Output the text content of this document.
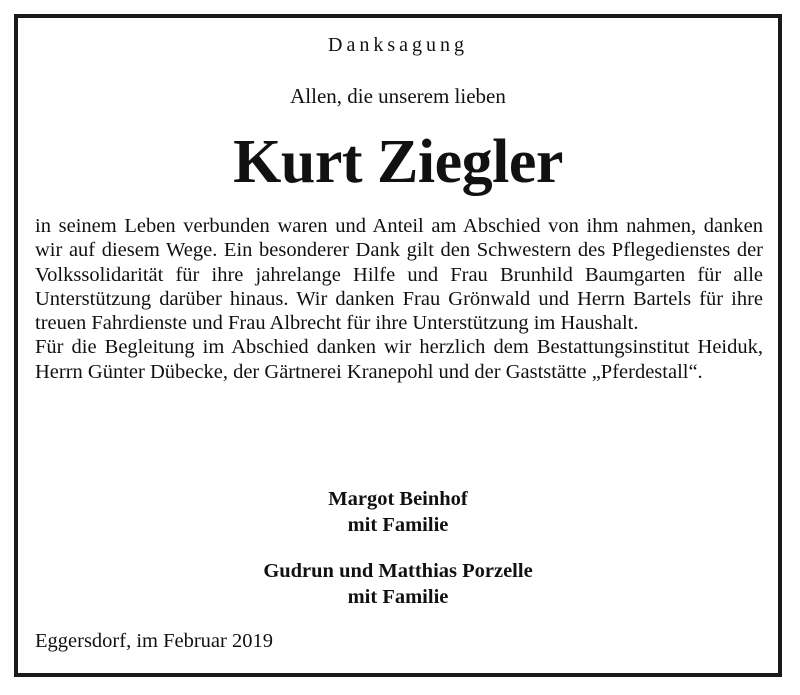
Danksagung
Allen, die unserem lieben
Kurt Ziegler

in seinem Leben verbunden waren und Anteil am Abschied von ihm nahmen, danken wir auf diesem Wege. Ein besonderer Dank gilt den Schwestern des Pflegedienstes der Volkssolidarität für ihre jahrelange Hilfe und Frau Brunhild Baumgarten für alle Unterstützung darüber hinaus. Wir danken Frau Grönwald und Herrn Bartels für ihre treuen Fahrdienste und Frau Albrecht für ihre Unterstützung im Haushalt.

Für die Begleitung im Abschied danken wir herzlich dem Bestattungsinstitut Heiduk, Herrn Günter Dübecke, der Gärtnerei Kranepohl und der Gaststätte „Pferdestall“.

Margot Beinhof
mit Familie
Gudrun und Matthias Porzelle
mit Familie
Eggersdorf, im Februar 2019
